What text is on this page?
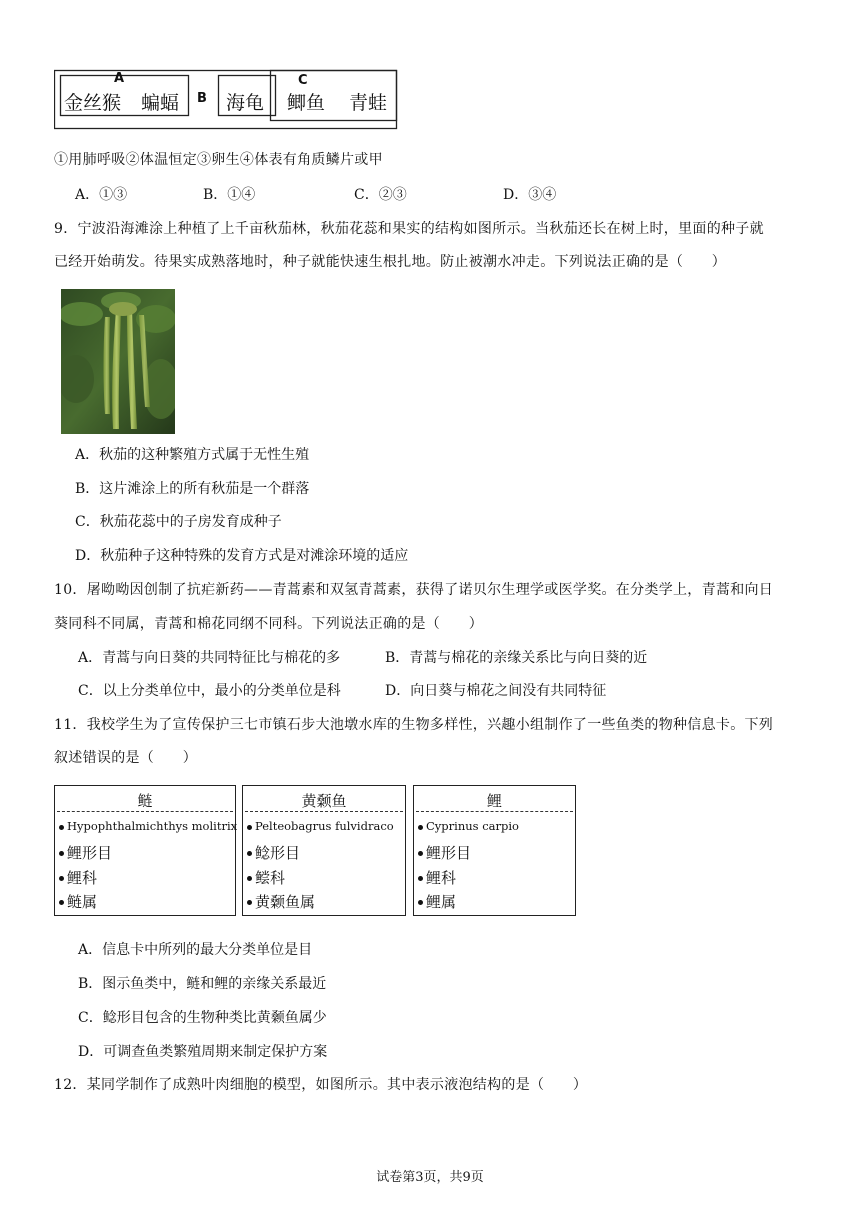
A
B
C
金丝猴 蝙蝠 海龟 鲫鱼 青蛙
①用肺呼吸②体温恒定③卵生④体表有角质鳞片或甲
A．①③	B．①④	C．②③	D．③④
9．宁波沿海滩涂上种植了上千亩秋茄林，秋茄花蕊和果实的结构如图所示。当秋茄还长在树上时，里面的种子就
已经开始萌发。待果实成熟落地时，种子就能快速生根扎地。防止被潮水冲走。下列说法正确的是（　　）
A．秋茄的这种繁殖方式属于无性生殖
B．这片滩涂上的所有秋茄是一个群落
C．秋茄花蕊中的子房发育成种子
D．秋茄种子这种特殊的发育方式是对滩涂环境的适应
10．屠呦呦因创制了抗疟新药——青蒿素和双氢青蒿素，获得了诺贝尔生理学或医学奖。在分类学上，青蒿和向日
葵同科不同属，青蒿和棉花同纲不同科。下列说法正确的是（　　）
A．青蒿与向日葵的共同特征比与棉花的多	B．青蒿与棉花的亲缘关系比与向日葵的近
C．以上分类单位中，最小的分类单位是科	D．向日葵与棉花之间没有共同特征
11．我校学生为了宣传保护三七市镇石步大池墩水库的生物多样性，兴趣小组制作了一些鱼类的物种信息卡。下列
叙述错误的是（　　）
鲢
Hypophthalmichthys molitrix
鲤形目
鲤科
鲢属
黄颡鱼
Pelteobagrus fulvidraco
鲶形目
鲿科
黄颡鱼属
鲤
Cyprinus carpio
鲤形目
鲤科
鲤属
A．信息卡中所列的最大分类单位是目
B．图示鱼类中，鲢和鲤的亲缘关系最近
C．鲶形目包含的生物种类比黄颡鱼属少
D．可调查鱼类繁殖周期来制定保护方案
12．某同学制作了成熟叶肉细胞的模型，如图所示。其中表示液泡结构的是（　　）
试卷第3页，共9页
